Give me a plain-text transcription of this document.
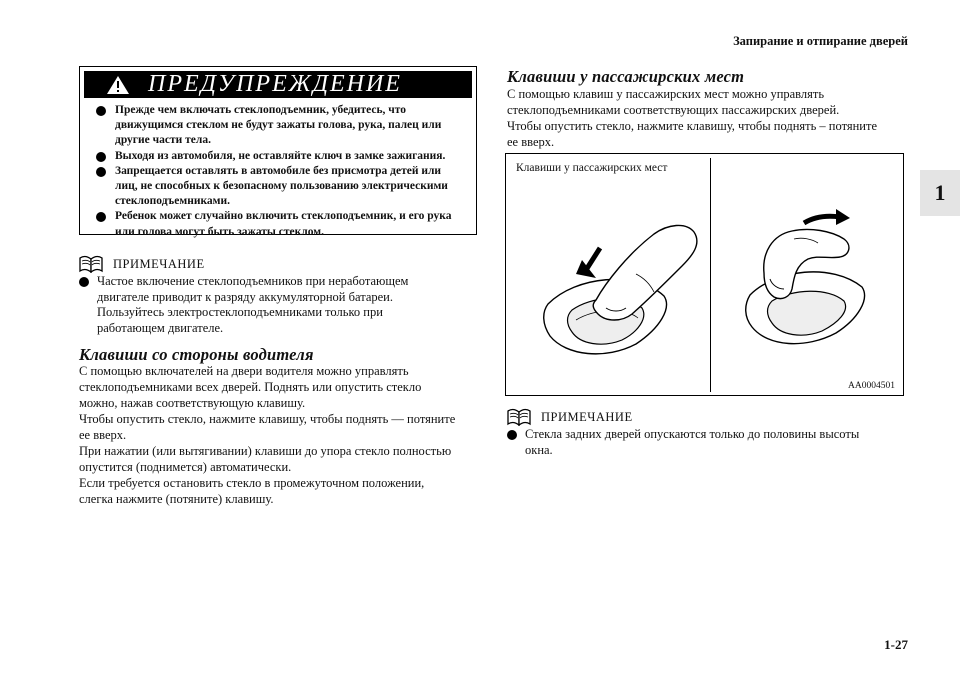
Запирание и отпирание дверей
1
ПРЕДУПРЕЖДЕНИЕ
Прежде чем включать стеклоподъемник, убедитесь, что
движущимся стеклом не будут зажаты голова, рука, палец или
другие части тела.
Выходя из автомобиля, не оставляйте ключ в замке зажигания.
Запрещается оставлять в автомобиле без присмотра детей или
лиц, не способных к безопасному пользованию электрическими
стеклоподъемниками.
Ребенок может случайно включить стеклоподъемник, и его рука
или голова могут быть зажаты стеклом.
ПРИМЕЧАНИЕ
Частое включение стеклоподъемников при неработающем
двигателе приводит к разряду аккумуляторной батареи.
Пользуйтесь электростеклоподъемниками только при
работающем двигателе.
Клавиши со стороны водителя

С помощью включателей на двери водителя можно управлять

стеклоподъемниками всех дверей. Поднять или опустить стекло

можно, нажав соответствующую клавишу.

Чтобы опустить стекло, нажмите клавишу, чтобы поднять — потяните

ее вверх.

При нажатии (или вытягивании) клавиши до упора стекло полностью

опустится (поднимется) автоматически.

Если требуется остановить стекло в промежуточном положении,

слегка нажмите (потяните) клавишу.

Клавиши у пассажирских мест

С помощью клавиш у пассажирских мест можно управлять

стеклоподъемниками соответствующих пассажирских дверей.

Чтобы опустить стекло, нажмите клавишу, чтобы поднять – потяните

ее вверх.

Клавиши у пассажирских мест
AA0004501
ПРИМЕЧАНИЕ
Стекла задних дверей опускаются только до половины высоты
окна.
1-27
